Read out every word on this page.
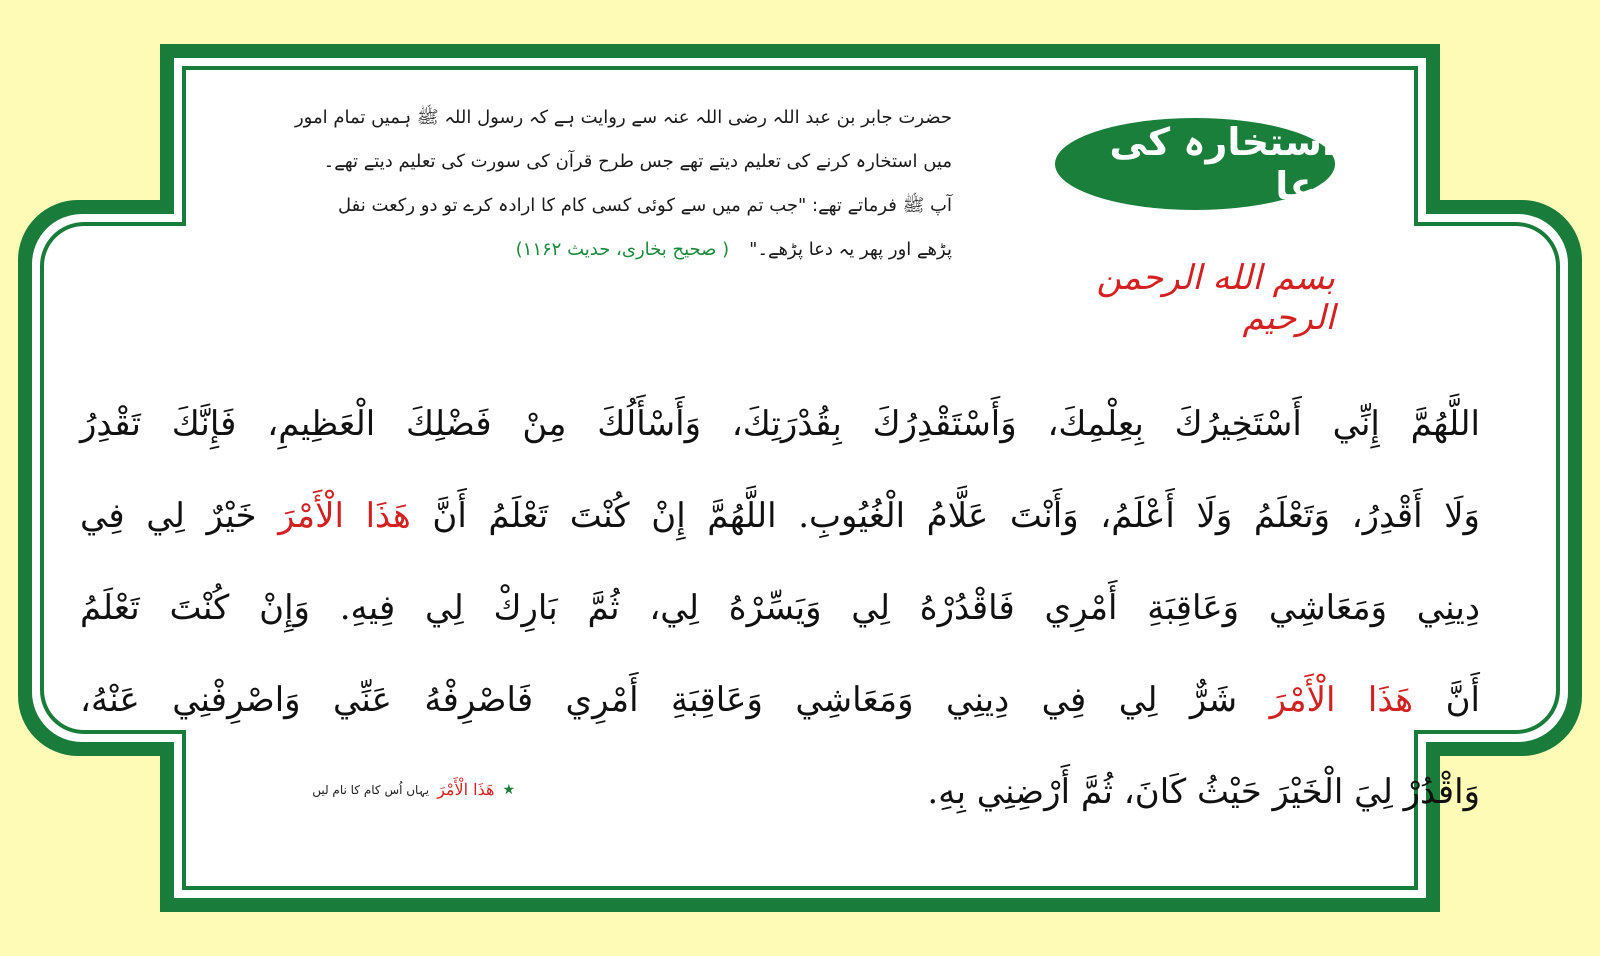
استخارہ کی دعا
بسم الله الرحمن الرحيم
حضرت جابر بن عبد اللہ رضی اللہ عنہ سے روایت ہے کہ رسول اللہ ﷺ ہمیں تمام امور
میں استخارہ کرنے کی تعلیم دیتے تھے جس طرح قرآن کی سورت کی تعلیم دیتے تھے۔
آپ ﷺ فرماتے تھے: "جب تم میں سے کوئی کسی کام کا ارادہ کرے تو دو رکعت نفل
پڑھے اور پھر یہ دعا پڑھے۔"( صحیح بخاری، حدیث ۱۱۶۲)
اللَّهُمَّ إِنِّي أَسْتَخِيرُكَ بِعِلْمِكَ، وَأَسْتَقْدِرُكَ بِقُدْرَتِكَ، وَأَسْأَلُكَ مِنْ فَضْلِكَ الْعَظِيمِ، فَإِنَّكَ تَقْدِرُ
وَلَا أَقْدِرُ، وَتَعْلَمُ وَلَا أَعْلَمُ، وَأَنْتَ عَلَّامُ الْغُيُوبِ. اللَّهُمَّ إِنْ كُنْتَ تَعْلَمُ أَنَّ هَذَا الْأَمْرَ خَيْرٌ لِي فِي
دِينِي وَمَعَاشِي وَعَاقِبَةِ أَمْرِي فَاقْدُرْهُ لِي وَيَسِّرْهُ لِي، ثُمَّ بَارِكْ لِي فِيهِ. وَإِنْ كُنْتَ تَعْلَمُ
أَنَّ هَذَا الْأَمْرَ شَرٌّ لِي فِي دِينِي وَمَعَاشِي وَعَاقِبَةِ أَمْرِي فَاصْرِفْهُ عَنِّي وَاصْرِفْنِي عَنْهُ،
وَاقْدُرْ لِيَ الْخَيْرَ حَيْثُ كَانَ، ثُمَّ أَرْضِنِي بِهِ.
★
هَذَا الْأَمْرَ
یہاں اُس کام کا نام لیں
